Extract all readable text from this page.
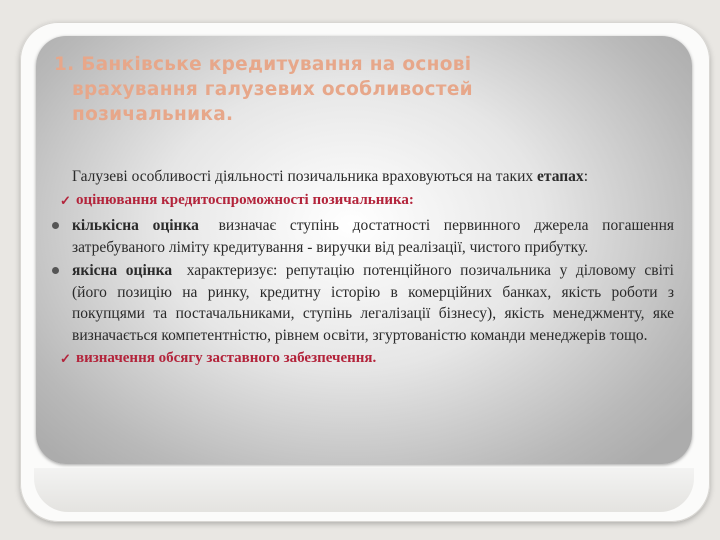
1. Банківське кредитування на основі
врахування галузевих особливостей
позичальника.

Галузеві особливості діяльності позичальника враховуються на таких етапах:

✓ оцінювання кредитоспроможності позичальника:
кількісна оцінка визначає ступінь достатності первинного джерела погашення затребуваного ліміту кредитування - виручки від реалізації, чистого прибутку.
якісна оцінка характеризує: репутацію потенційного позичальника у діловому світі (його позицію на ринку, кредитну історію в комерційних банках, якість роботи з покупцями та постачальниками, ступінь легалізації бізнесу), якість менеджменту, яке визначається компетентністю, рівнем освіти, згуртованістю команди менеджерів тощо.
✓ визначення обсягу заставного забезпечення.
